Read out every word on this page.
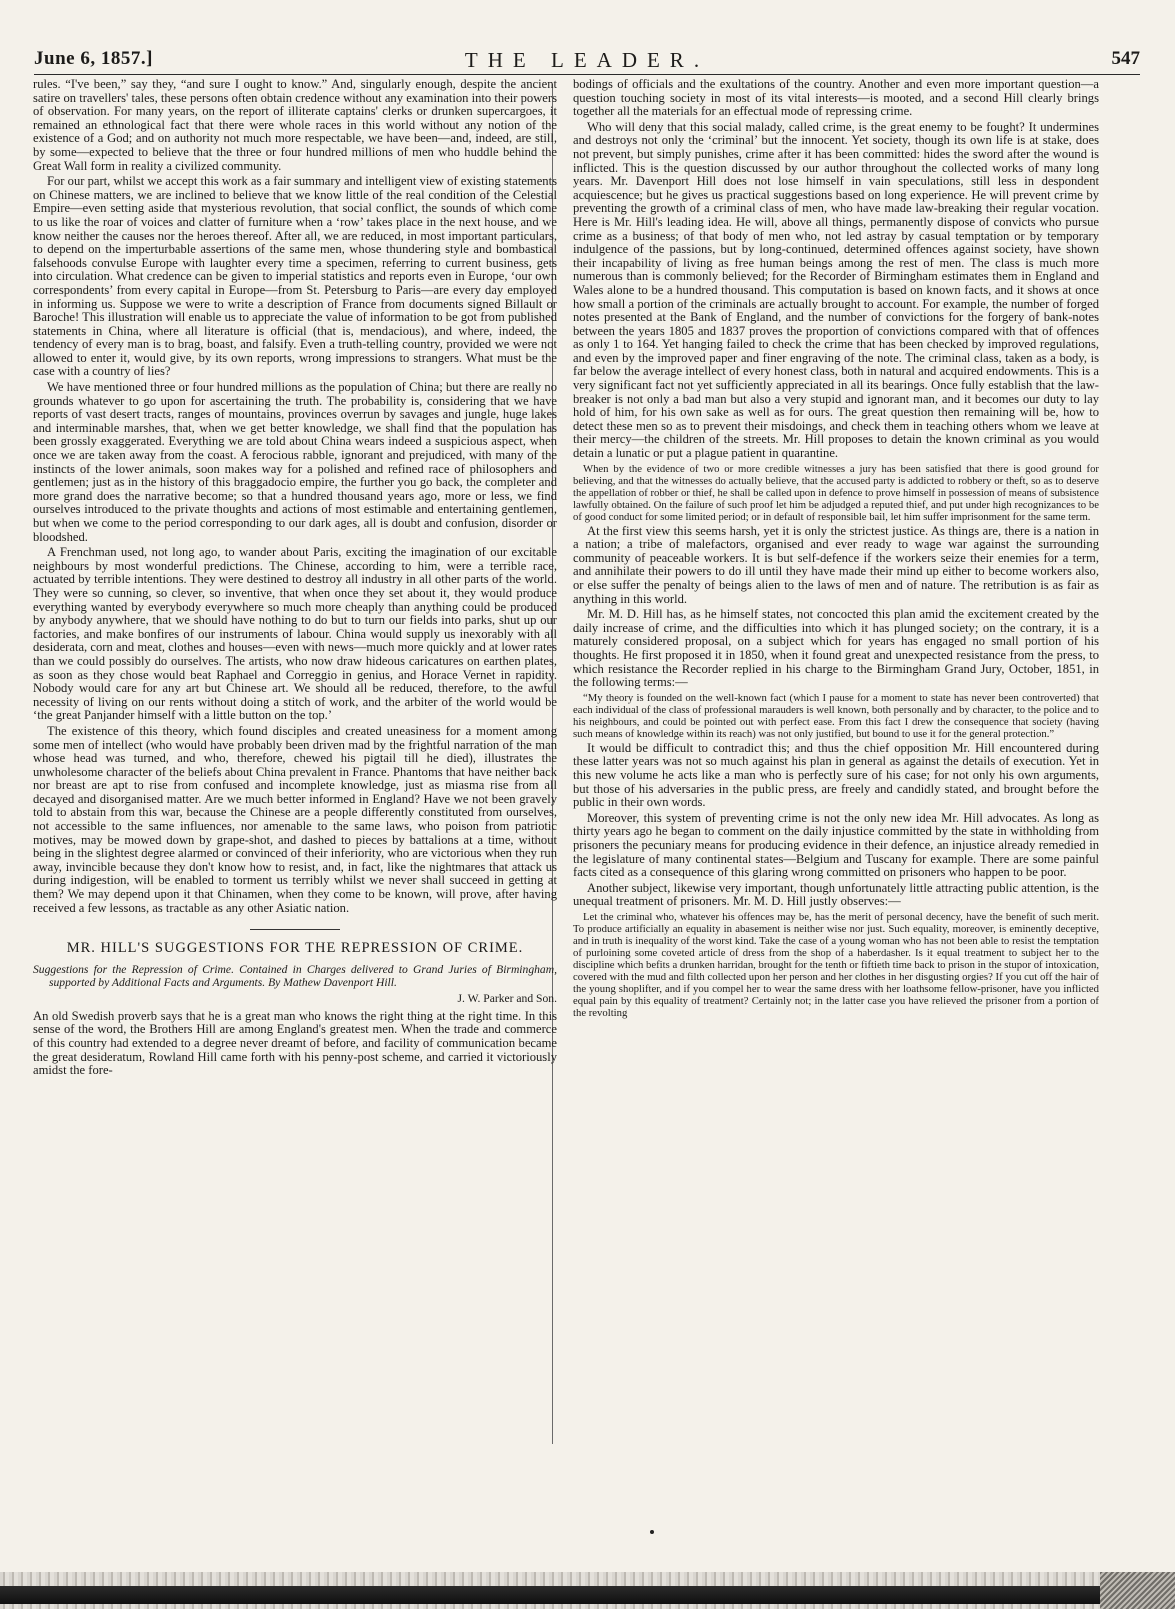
June 6, 1857.]	THE LEADER.	547

rules. “I've been,” say they, “and sure I ought to know.” And, singularly enough, despite the ancient satire on travellers' tales, these persons often obtain credence without any examination into their powers of observation. For many years, on the report of illiterate captains' clerks or drunken supercargoes, it remained an ethnological fact that there were whole races in this world without any notion of the existence of a God; and on authority not much more respectable, we have been—and, indeed, are still, by some—expected to believe that the three or four hundred millions of men who huddle behind the Great Wall form in reality a civilized community.

For our part, whilst we accept this work as a fair summary and intelligent view of existing statements on Chinese matters, we are inclined to believe that we know little of the real condition of the Celestial Empire—even setting aside that mysterious revolution, that social conflict, the sounds of which come to us like the roar of voices and clatter of furniture when a ‘row’ takes place in the next house, and we know neither the causes nor the heroes thereof. After all, we are reduced, in most important particulars, to depend on the imperturbable assertions of the same men, whose thundering style and bombastical falsehoods convulse Europe with laughter every time a specimen, referring to current business, gets into circulation. What credence can be given to imperial statistics and reports even in Europe, ‘our own correspondents’ from every capital in Europe—from St. Petersburg to Paris—are every day employed in informing us. Suppose we were to write a description of France from documents signed Billault or Baroche! This illustration will enable us to appreciate the value of information to be got from published statements in China, where all literature is official (that is, mendacious), and where, indeed, the tendency of every man is to brag, boast, and falsify. Even a truth-telling country, provided we were not allowed to enter it, would give, by its own reports, wrong impressions to strangers. What must be the case with a country of lies?

We have mentioned three or four hundred millions as the population of China; but there are really no grounds whatever to go upon for ascertaining the truth. The probability is, considering that we have reports of vast desert tracts, ranges of mountains, provinces overrun by savages and jungle, huge lakes and interminable marshes, that, when we get better knowledge, we shall find that the population has been grossly exaggerated. Everything we are told about China wears indeed a suspicious aspect, when once we are taken away from the coast. A ferocious rabble, ignorant and prejudiced, with many of the instincts of the lower animals, soon makes way for a polished and refined race of philosophers and gentlemen; just as in the history of this braggadocio empire, the further you go back, the completer and more grand does the narrative become; so that a hundred thousand years ago, more or less, we find ourselves introduced to the private thoughts and actions of most estimable and entertaining gentlemen, but when we come to the period corresponding to our dark ages, all is doubt and confusion, disorder or bloodshed.

A Frenchman used, not long ago, to wander about Paris, exciting the imagination of our excitable neighbours by most wonderful predictions. The Chinese, according to him, were a terrible race, actuated by terrible intentions. They were destined to destroy all industry in all other parts of the world. They were so cunning, so clever, so inventive, that when once they set about it, they would produce everything wanted by everybody everywhere so much more cheaply than anything could be produced by anybody anywhere, that we should have nothing to do but to turn our fields into parks, shut up our factories, and make bonfires of our instruments of labour. China would supply us inexorably with all desiderata, corn and meat, clothes and houses—even with news—much more quickly and at lower rates than we could possibly do ourselves. The artists, who now draw hideous caricatures on earthen plates, as soon as they chose would beat Raphael and Correggio in genius, and Horace Vernet in rapidity. Nobody would care for any art but Chinese art. We should all be reduced, therefore, to the awful necessity of living on our rents without doing a stitch of work, and the arbiter of the world would be ‘the great Panjander himself with a little button on the top.’

The existence of this theory, which found disciples and created uneasiness for a moment among some men of intellect (who would have probably been driven mad by the frightful narration of the man whose head was turned, and who, therefore, chewed his pigtail till he died), illustrates the unwholesome character of the beliefs about China prevalent in France. Phantoms that have neither back nor breast are apt to rise from confused and incomplete knowledge, just as miasma rise from all decayed and disorganised matter. Are we much better informed in England? Have we not been gravely told to abstain from this war, because the Chinese are a people differently constituted from ourselves, not accessible to the same influences, nor amenable to the same laws, who poison from patriotic motives, may be mowed down by grape-shot, and dashed to pieces by battalions at a time, without being in the slightest degree alarmed or convinced of their inferiority, who are victorious when they run away, invincible because they don't know how to resist, and, in fact, like the nightmares that attack us during indigestion, will be enabled to torment us terribly whilst we never shall succeed in getting at them? We may depend upon it that Chinamen, when they come to be known, will prove, after having received a few lessons, as tractable as any other Asiatic nation.

MR. HILL'S SUGGESTIONS FOR THE REPRESSION OF CRIME.
Suggestions for the Repression of Crime. Contained in Charges delivered to Grand Juries of Birmingham, supported by Additional Facts and Arguments. By Mathew Davenport Hill.
J. W. Parker and Son.

An old Swedish proverb says that he is a great man who knows the right thing at the right time. In this sense of the word, the Brothers Hill are among England's greatest men. When the trade and commerce of this country had extended to a degree never dreamt of before, and facility of communication became the great desideratum, Rowland Hill came forth with his penny-post scheme, and carried it victoriously amidst the fore-

bodings of officials and the exultations of the country. Another and even more important question—a question touching society in most of its vital interests—is mooted, and a second Hill clearly brings together all the materials for an effectual mode of repressing crime.

Who will deny that this social malady, called crime, is the great enemy to be fought? It undermines and destroys not only the ‘criminal’ but the innocent. Yet society, though its own life is at stake, does not prevent, but simply punishes, crime after it has been committed: hides the sword after the wound is inflicted. This is the question discussed by our author throughout the collected works of many long years. Mr. Davenport Hill does not lose himself in vain speculations, still less in despondent acquiescence; but he gives us practical suggestions based on long experience. He will prevent crime by preventing the growth of a criminal class of men, who have made law-breaking their regular vocation. Here is Mr. Hill's leading idea. He will, above all things, permanently dispose of convicts who pursue crime as a business; of that body of men who, not led astray by casual temptation or by temporary indulgence of the passions, but by long-continued, determined offences against society, have shown their incapability of living as free human beings among the rest of men. The class is much more numerous than is commonly believed; for the Recorder of Birmingham estimates them in England and Wales alone to be a hundred thousand. This computation is based on known facts, and it shows at once how small a portion of the criminals are actually brought to account. For example, the number of forged notes presented at the Bank of England, and the number of convictions for the forgery of bank-notes between the years 1805 and 1837 proves the proportion of convictions compared with that of offences as only 1 to 164. Yet hanging failed to check the crime that has been checked by improved regulations, and even by the improved paper and finer engraving of the note. The criminal class, taken as a body, is far below the average intellect of every honest class, both in natural and acquired endowments. This is a very significant fact not yet sufficiently appreciated in all its bearings. Once fully establish that the law-breaker is not only a bad man but also a very stupid and ignorant man, and it becomes our duty to lay hold of him, for his own sake as well as for ours. The great question then remaining will be, how to detect these men so as to prevent their misdoings, and check them in teaching others whom we leave at their mercy—the children of the streets. Mr. Hill proposes to detain the known criminal as you would detain a lunatic or put a plague patient in quarantine.

When by the evidence of two or more credible witnesses a jury has been satisfied that there is good ground for believing, and that the witnesses do actually believe, that the accused party is addicted to robbery or theft, so as to deserve the appellation of robber or thief, he shall be called upon in defence to prove himself in possession of means of subsistence lawfully obtained. On the failure of such proof let him be adjudged a reputed thief, and put under high recognizances to be of good conduct for some limited period; or in default of responsible bail, let him suffer imprisonment for the same term.

At the first view this seems harsh, yet it is only the strictest justice. As things are, there is a nation in a nation; a tribe of malefactors, organised and ever ready to wage war against the surrounding community of peaceable workers. It is but self-defence if the workers seize their enemies for a term, and annihilate their powers to do ill until they have made their mind up either to become workers also, or else suffer the penalty of beings alien to the laws of men and of nature. The retribution is as fair as anything in this world.

Mr. M. D. Hill has, as he himself states, not concocted this plan amid the excitement created by the daily increase of crime, and the difficulties into which it has plunged society; on the contrary, it is a maturely considered proposal, on a subject which for years has engaged no small portion of his thoughts. He first proposed it in 1850, when it found great and unexpected resistance from the press, to which resistance the Recorder replied in his charge to the Birmingham Grand Jury, October, 1851, in the following terms:—

“My theory is founded on the well-known fact (which I pause for a moment to state has never been controverted) that each individual of the class of professional marauders is well known, both personally and by character, to the police and to his neighbours, and could be pointed out with perfect ease. From this fact I drew the consequence that society (having such means of knowledge within its reach) was not only justified, but bound to use it for the general protection.”

It would be difficult to contradict this; and thus the chief opposition Mr. Hill encountered during these latter years was not so much against his plan in general as against the details of execution. Yet in this new volume he acts like a man who is perfectly sure of his case; for not only his own arguments, but those of his adversaries in the public press, are freely and candidly stated, and brought before the public in their own words.

Moreover, this system of preventing crime is not the only new idea Mr. Hill advocates. As long as thirty years ago he began to comment on the daily injustice committed by the state in withholding from prisoners the pecuniary means for producing evidence in their defence, an injustice already remedied in the legislature of many continental states—Belgium and Tuscany for example. There are some painful facts cited as a consequence of this glaring wrong committed on prisoners who happen to be poor.

Another subject, likewise very important, though unfortunately little attracting public attention, is the unequal treatment of prisoners. Mr. M. D. Hill justly observes:—

Let the criminal who, whatever his offences may be, has the merit of personal decency, have the benefit of such merit. To produce artificially an equality in abasement is neither wise nor just. Such equality, moreover, is eminently deceptive, and in truth is inequality of the worst kind. Take the case of a young woman who has not been able to resist the temptation of purloining some coveted article of dress from the shop of a haberdasher. Is it equal treatment to subject her to the discipline which befits a drunken harridan, brought for the tenth or fiftieth time back to prison in the stupor of intoxication, covered with the mud and filth collected upon her person and her clothes in her disgusting orgies? If you cut off the hair of the young shoplifter, and if you compel her to wear the same dress with her loathsome fellow-prisoner, have you inflicted equal pain by this equality of treatment? Certainly not; in the latter case you have relieved the prisoner from a portion of the revolting
